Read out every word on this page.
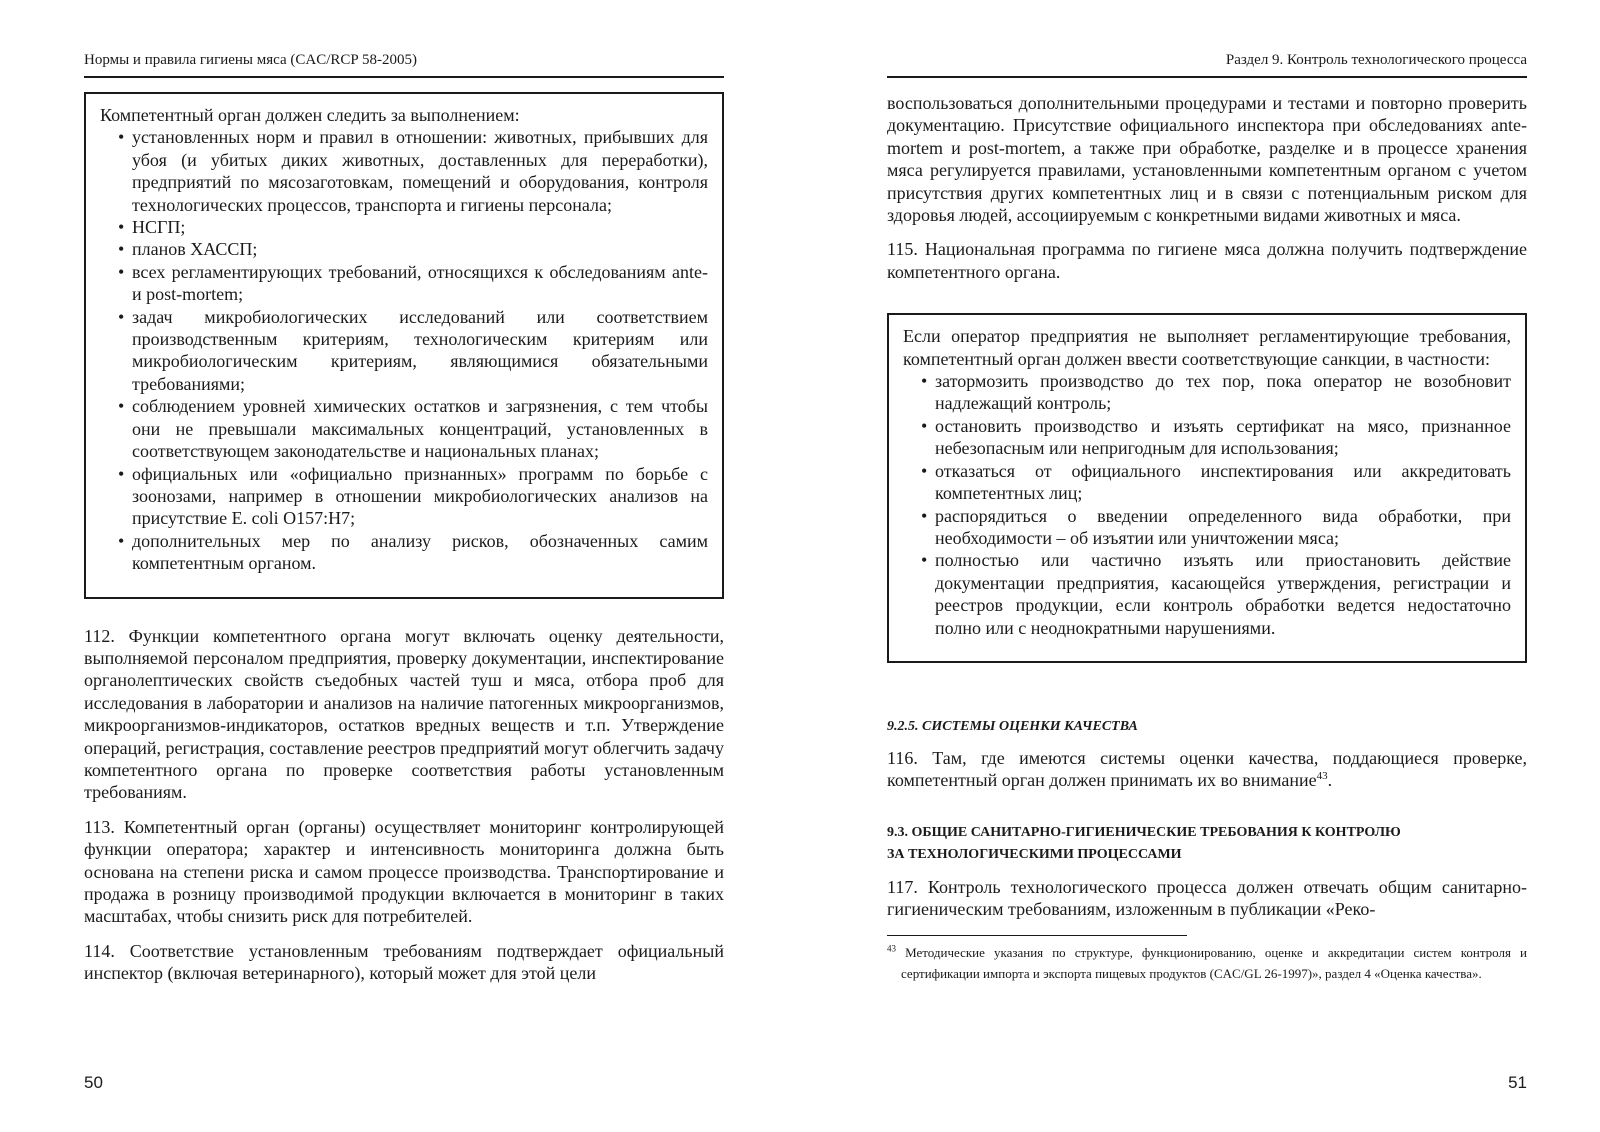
Нормы и правила гигиены мяса (CAC/RCP 58-2005)

Компетентный орган должен следить за выполнением:

• установленных норм и правил в отношении: животных, прибывших для убоя (и убитых диких животных, доставленных для переработки), предприятий по мясозаготовкам, помещений и оборудования, контроля технологических процессов, транспорта и гигиены персонала;
• НСГП;
• планов ХАССП;
• всех регламентирующих требований, относящихся к обследованиям ante- и post-mortem;
• задач микробиологических исследований или соответствием производственным критериям, технологическим критериям или микробиологическим критериям, являющимися обязательными требованиями;
• соблюдением уровней химических остатков и загрязнения, с тем чтобы они не превышали максимальных концентраций, установленных в соответствующем законодательстве и национальных планах;
• официальных или «официально признанных» программ по борьбе с зоонозами, например в отношении микробиологических анализов на присутствие E. coli O157:H7;
• дополнительных мер по анализу рисков, обозначенных самим компетентным органом.

112. Функции компетентного органа могут включать оценку деятельности, выполняемой персоналом предприятия, проверку документации, инспектирование органолептических свойств съедобных частей туш и мяса, отбора проб для исследования в лаборатории и анализов на наличие патогенных микроорганизмов, микроорганизмов-индикаторов, остатков вредных веществ и т.п. Утверждение операций, регистрация, составление реестров предприятий могут облегчить задачу компетентного органа по проверке соответствия работы установленным требованиям.

113. Компетентный орган (органы) осуществляет мониторинг контролирующей функции оператора; характер и интенсивность мониторинга должна быть основана на степени риска и самом процессе производства. Транспортирование и продажа в розницу производимой продукции включается в мониторинг в таких масштабах, чтобы снизить риск для потребителей.

114. Соответствие установленным требованиям подтверждает официальный инспектор (включая ветеринарного), который может для этой цели

50
Раздел 9. Контроль технологического процесса

воспользоваться дополнительными процедурами и тестами и повторно проверить документацию. Присутствие официального инспектора при обследованиях ante-mortem и post-mortem, а также при обработке, разделке и в процессе хранения мяса регулируется правилами, установленными компетентным органом с учетом присутствия других компетентных лиц и в связи с потенциальным риском для здоровья людей, ассоциируемым с конкретными видами животных и мяса.

115. Национальная программа по гигиене мяса должна получить подтверждение компетентного органа.

Если оператор предприятия не выполняет регламентирующие требования, компетентный орган должен ввести соответствующие санкции, в частности:

• затормозить производство до тех пор, пока оператор не возобновит надлежащий контроль;
• остановить производство и изъять сертификат на мясо, признанное небезопасным или непригодным для использования;
• отказаться от официального инспектирования или аккредитовать компетентных лиц;
• распорядиться о введении определенного вида обработки, при необходимости – об изъятии или уничтожении мяса;
• полностью или частично изъять или приостановить действие документации предприятия, касающейся утверждения, регистрации и реестров продукции, если контроль обработки ведется недостаточно полно или с неоднократными нарушениями.
9.2.5. СИСТЕМЫ ОЦЕНКИ КАЧЕСТВА

116. Там, где имеются системы оценки качества, поддающиеся проверке, компетентный орган должен принимать их во внимание$^{43}$.

9.3. ОБЩИЕ САНИТАРНО-ГИГИЕНИЧЕСКИЕ ТРЕБОВАНИЯ К КОНТРОЛЮ
ЗА ТЕХНОЛОГИЧЕСКИМИ ПРОЦЕССАМИ

117. Контроль технологического процесса должен отвечать общим санитарно-гигиеническим требованиям, изложенным в публикации «Реко-

$^{43}$ Методические указания по структуре, функционированию, оценке и аккредитации систем контроля и сертификации импорта и экспорта пищевых продуктов (CAC/GL 26-1997)», раздел 4 «Оценка качества».

51
